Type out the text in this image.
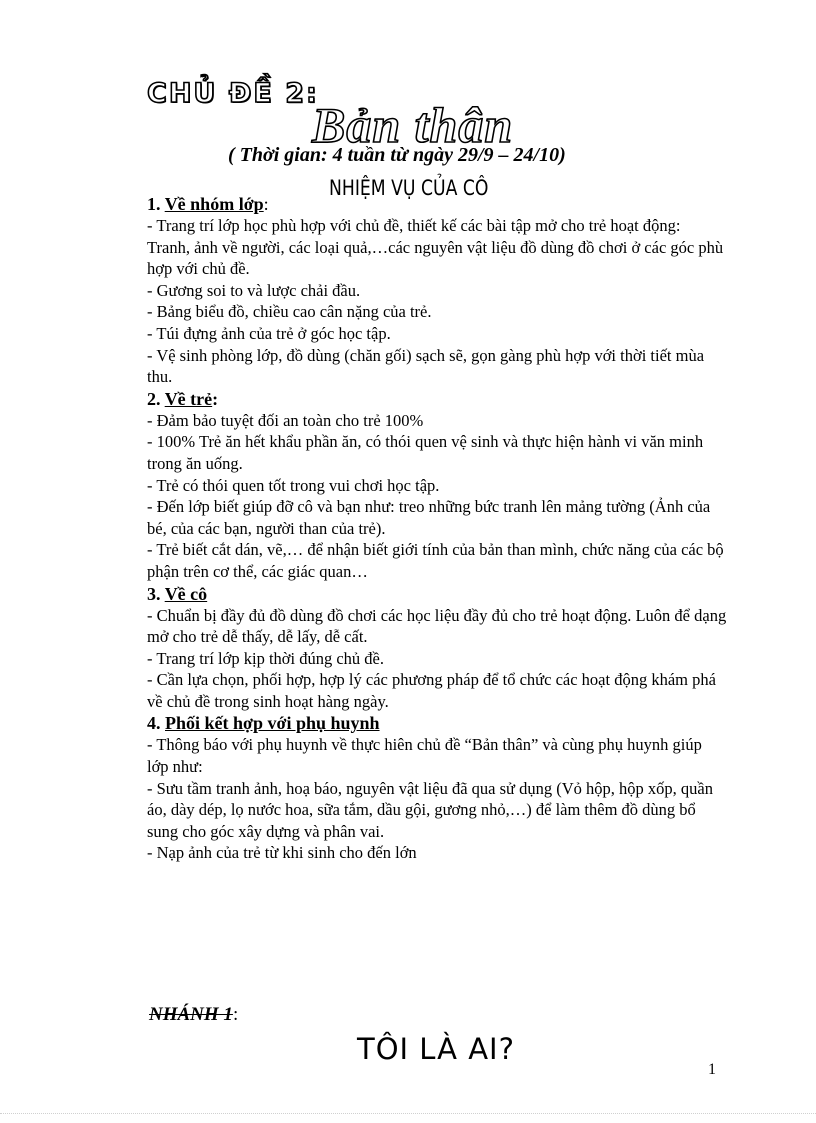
CHỦ ĐỀ 2:
Bản thân
( Thời gian: 4 tuần từ ngày 29/9 – 24/10)
NHIỆM VỤ CỦA CÔ
1. Về nhóm lớp:

- Trang trí lớp học phù hợp với chủ đề, thiết kế các bài tập mở cho trẻ hoạt động: Tranh, ảnh về người, các loại quả,…các nguyên vật liệu đồ dùng đồ chơi ở các góc phù hợp với chủ đề.

- Gương soi to và lược chải đầu.

- Bảng biểu đồ, chiều cao cân nặng của trẻ.

- Túi đựng ảnh của trẻ ở góc học tập.

- Vệ sinh phòng lớp, đồ dùng (chăn gối) sạch sẽ, gọn gàng phù hợp với thời tiết mùa thu.

2. Về trẻ:

- Đảm bảo tuyệt đối an toàn cho trẻ 100%

- 100% Trẻ ăn hết khẩu phần ăn, có thói quen vệ sinh và thực hiện hành vi văn minh trong ăn uống.

- Trẻ có thói quen tốt trong vui chơi học tập.

- Đến lớp biết giúp đỡ cô và bạn như: treo những bức tranh lên mảng tường (Ảnh của bé, của các bạn, người than của trẻ).

- Trẻ biết cắt dán, vẽ,… để nhận biết giới tính của bản than mình, chức năng của các bộ phận trên cơ thể, các giác quan…

3. Về cô

- Chuẩn bị đầy đủ đồ dùng đồ chơi các học liệu đầy đủ cho trẻ hoạt động. Luôn để dạng mở cho trẻ dễ thấy, dễ lấy, dễ cất.

- Trang trí lớp kịp thời đúng chủ đề.

- Cần lựa chọn, phối hợp, hợp lý các phương pháp để tổ chức các hoạt động khám phá về chủ đề trong sinh hoạt hàng ngày.

4. Phối kết hợp với phụ huynh

- Thông báo với phụ huynh về thực hiên chủ đề “Bản thân” và cùng phụ huynh giúp lớp như:

- Sưu tầm tranh ảnh, hoạ báo, nguyên vật liệu đã qua sử dụng (Vỏ hộp, hộp xốp, quần áo, dày dép, lọ nước hoa, sữa tắm, dầu gội, gương nhỏ,…) để làm thêm đồ dùng bổ sung cho góc xây dựng và phân vai.

- Nạp ảnh của trẻ từ khi sinh cho đến lớn

NHÁNH 1:
TÔI LÀ AI?
1
